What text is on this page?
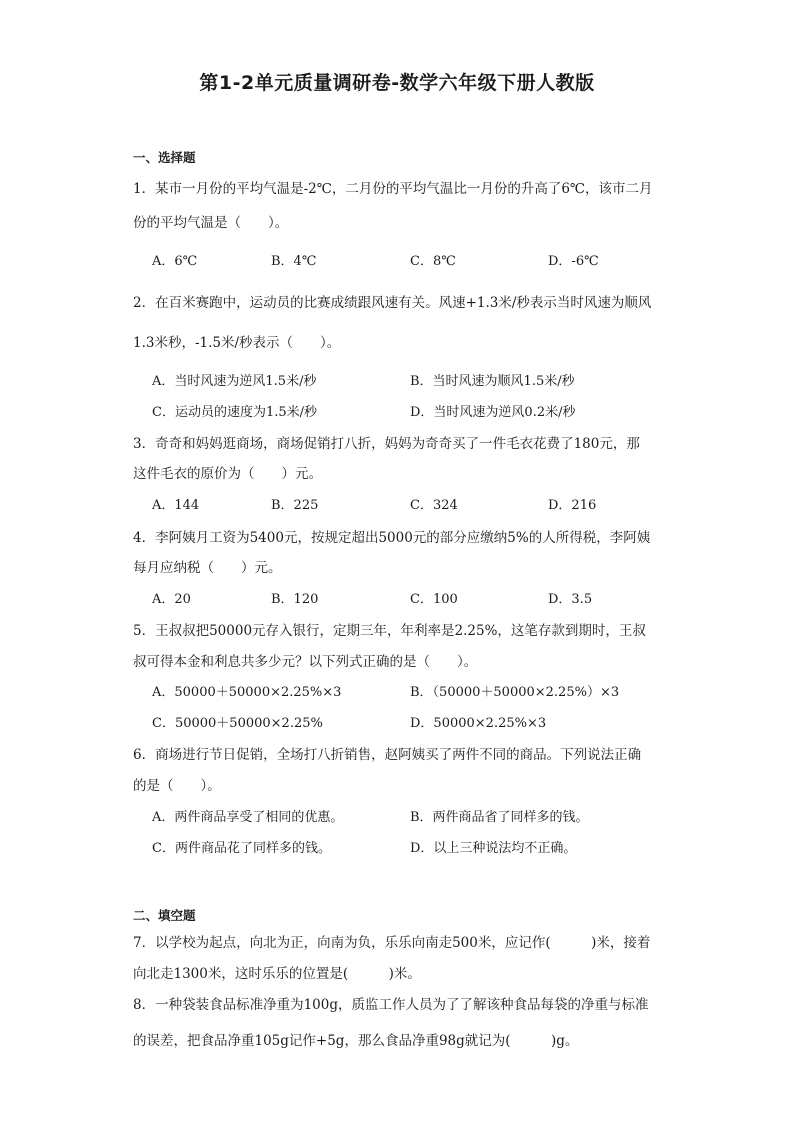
第1-2单元质量调研卷-数学六年级下册人教版
一、选择题
1．某市一月份的平均气温是-2℃，二月份的平均气温比一月份的升高了6℃，该市二月
份的平均气温是（　　）。
A．6℃	B．4℃	C．8℃	D．-6℃
2．在百米赛跑中，运动员的比赛成绩跟风速有关。风速+1.3米/秒表示当时风速为顺风
1.3米秒，-1.5米/秒表示（　　）。
A．当时风速为逆风1.5米/秒	B．当时风速为顺风1.5米/秒
C．运动员的速度为1.5米/秒	D．当时风速为逆风0.2米/秒
3．奇奇和妈妈逛商场，商场促销打八折，妈妈为奇奇买了一件毛衣花费了180元，那
这件毛衣的原价为（　　）元。
A．144	B．225	C．324	D．216
4．李阿姨月工资为5400元，按规定超出5000元的部分应缴纳5%的人所得税，李阿姨
每月应纳税（　　）元。
A．20	B．120	C．100	D．3.5
5．王叔叔把50000元存入银行，定期三年，年利率是2.25%，这笔存款到期时，王叔
叔可得本金和利息共多少元？以下列式正确的是（　　）。
A．50000＋50000×2.25%×3	B．（50000＋50000×2.25%）×3
C．50000＋50000×2.25%	D．50000×2.25%×3
6．商场进行节日促销，全场打八折销售，赵阿姨买了两件不同的商品。下列说法正确
的是（　　）。
A．两件商品享受了相同的优惠。	B．两件商品省了同样多的钱。
C．两件商品花了同样多的钱。	D．以上三种说法均不正确。
二、填空题
7．以学校为起点，向北为正，向南为负，乐乐向南走500米，应记作(　　　)米，接着
向北走1300米，这时乐乐的位置是(　　　)米。
8．一种袋装食品标准净重为100g，质监工作人员为了了解该种食品每袋的净重与标准
的误差，把食品净重105g记作+5g，那么食品净重98g就记为(　　　)g。
